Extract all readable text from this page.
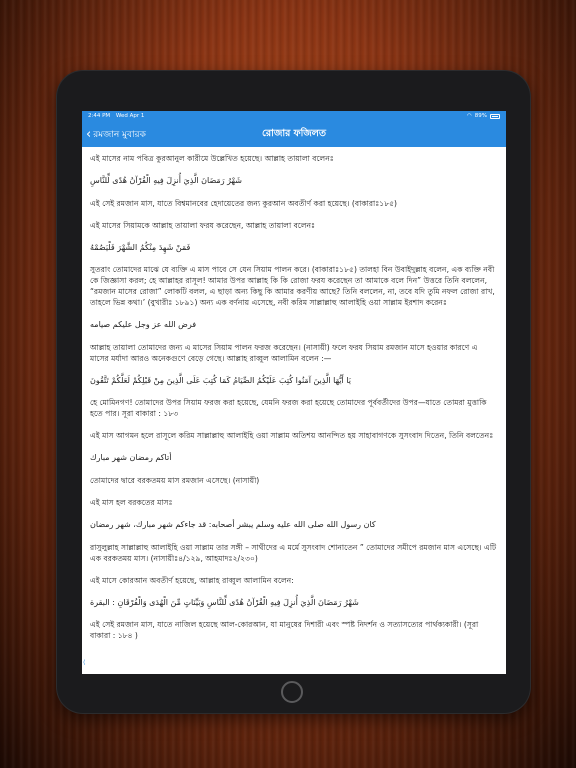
2:44 PM Wed Apr 1	◠ 89%
‹ রমজান মুবারক	রোজার ফজিলত

এই মাসের নাম পবিত্র কুরআনুল কারীমে উল্লেখিত হয়েছে। আল্লাহ তায়ালা বলেনঃ

شَهْرُ رَمَضَانَ الَّذِيَ أُنزِلَ فِيهِ الْقُرْآنُ هُدًى لِّلنَّاسِ

এই সেই রমজান মাস, যাতে বিশ্বমানবের হেদায়েতের জন্য কুরআন অবতীর্ণ করা হয়েছে। (বাকারাঃ১৮৫)

এই মাসের সিয়ামকে আল্লাহ তায়ালা ফরয করেছেন, আল্লাহ তায়ালা বলেনঃ

فَمَنْ شَهِدَ مِنْكُمُ الشَّهْرَ فَلْيَصُمْهُ

সুতরাং তোমাদের মাঝে যে ব্যক্তি এ মাস পাবে সে যেন সিয়াম পালন করে। (বাকারাঃ১৮৫) তালহা বিন উবাইদুল্লাহ বলেন, এক ব্যক্তি নবী কে জিজ্ঞাসা করল; হে আল্লাহর রাসূল! আমার উপর আল্লাহ কি কি রোজা ফরয করেছেন তা আমাকে বলে দিন” উত্তরে তিনি বললেন, “রমজান মাসের রোজা” লোকটি বলল, এ ছাড়া অন্য কিছু কি আমার করণীয় আছে? তিনি বললেন, না, তবে যদি তুমি নফল রোজা রাখ, তাহলে ভিন্ন কথা।’ (বুখারীঃ ১৮৯১) অন্য এক বর্ণনায় এসেছে, নবী করিম সাল্লাল্লাহু আলাইহি ওয়া সাল্লাম ইরশাদ করেনঃ

فرض الله عز وجل عليكم صيامه

আল্লাহ তায়ালা তোমাদের জন্য এ মাসের সিয়াম পালন ফরজ করেছেন। (নাসায়ী) ফলে ফরয সিয়াম রমজান মাসে হওয়ার কারণে এ মাসের মর্যাদা আরও অনেকগুণে বেড়ে গেছে। আল্লাহ রাব্বুল আলামিন বলেন :—

يَا أَيُّهَا الَّذِينَ آمَنُوا كُتِبَ عَلَيْكُمُ الصِّيَامُ كَمَا كُتِبَ عَلَى الَّذِينَ مِنْ قَبْلِكُمْ لَعَلَّكُمْ تَتَّقُونَ

হে মোমিনগণ! তোমাদের উপর সিয়াম ফরজ করা হয়েছে, যেমনি ফরজ করা হয়েছে তোমাদের পূর্ববর্তীদের উপর—যাতে তোমরা মুত্তাকি হতে পার। সূরা বাকারা : ১৮৩

এই মাস আগমন হলে রাসূলে করিম সাল্লাল্লাহু আলাইহি ওয়া সাল্লাম অতিশয় আনন্দিত হয় সাহাবাগণকে সুসংবাদ দিতেন, তিনি বলতেনঃ

أتاكم رمضان شهر مبارك

তোমাদের দ্বারে বরকতময় মাস রমজান এসেছে। (নাসায়ী)

এই মাস হল বরকতের মাসঃ

كان رسول الله صلى الله عليه وسلم يبشر أصحابه: قد جاءكم شهر مبارك، شهر رمضان

রাসুলুল্লাহ সাল্লাল্লাহু আলাইহি ওয়া সাল্লাম তার সঙ্গী – সাথীদের এ মর্মে সুসংবাদ শোনাতেন ” তোমাদের সমীপে রমজান মাস এসেছে। এটি এক বরকতময় মাস। (নাসায়ীঃ৪/১২৯, আহমাদঃ২/২৩০)

এই মাসে কোরআন অবতীর্ণ হয়েছে, আল্লাহ রাব্বুল আলামিন বলেন:

شَهْرُ رَمَضَانَ الَّذِيَ أُنزِلَ فِيهِ الْقُرْآنُ هُدًى لِّلنَّاسِ وَبَيِّنَاتٍ مِّنَ الْهُدَى وَالْفُرْقَانِ : البقرة

এই সেই রমজান মাস, যাতে নাজিল হয়েছে আল-কোরআন, যা মানুষের দিশারী এবং স্পষ্ট নিদর্শন ও সত্যাসত্যের পার্থক্যকারী। (সূরা বাকারা : ১৮৪ )

⟨
